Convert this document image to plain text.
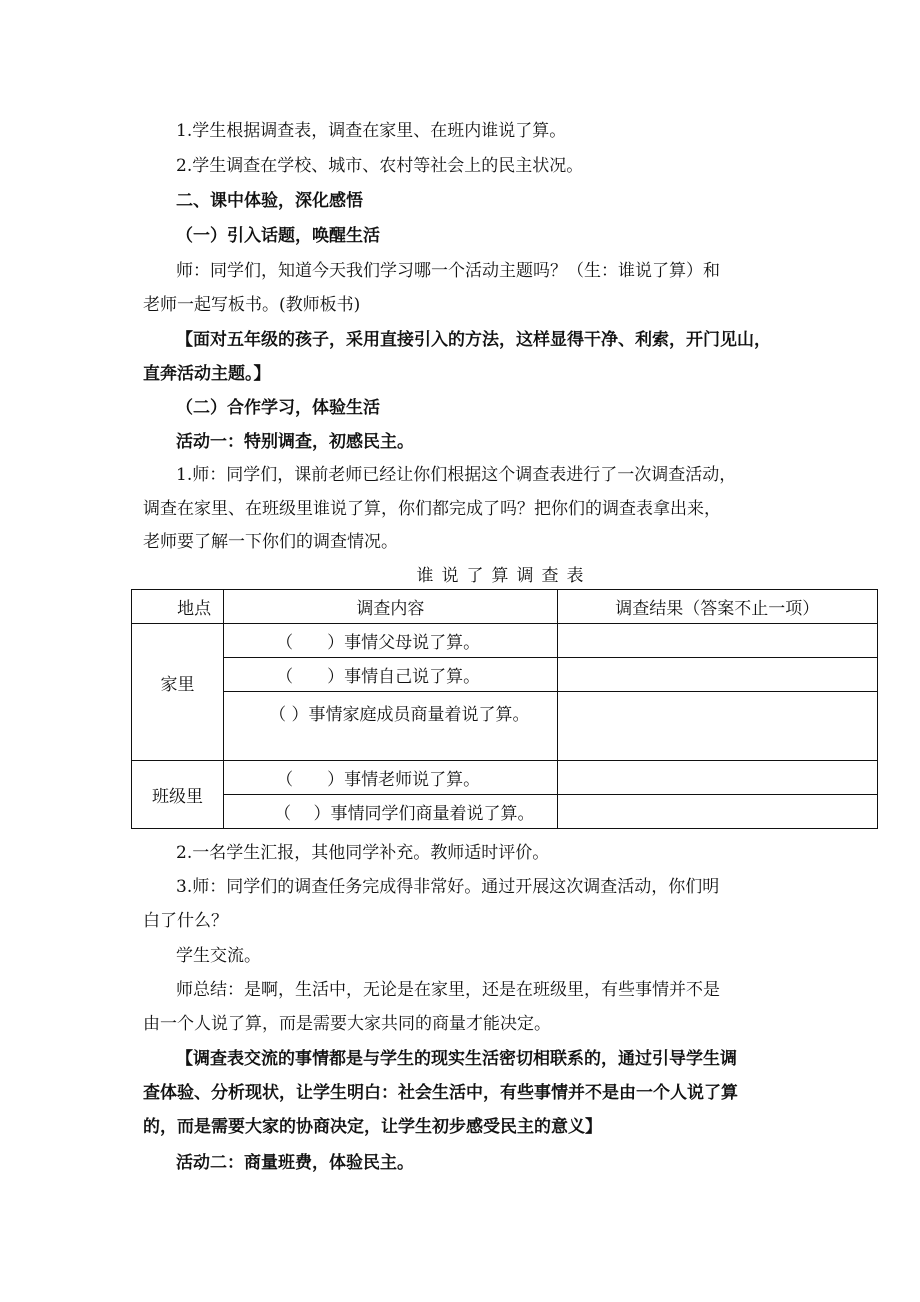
1.学生根据调查表，调查在家里、在班内谁说了算。
2.学生调查在学校、城市、农村等社会上的民主状况。
二、课中体验，深化感悟
（一）引入话题，唤醒生活
师：同学们，知道今天我们学习哪一个活动主题吗？（生：谁说了算）和
老师一起写板书。(教师板书)
【面对五年级的孩子，采用直接引入的方法，这样显得干净、利索，开门见山，
直奔活动主题。】
（二）合作学习，体验生活
活动一：特别调查，初感民主。
1.师：同学们，课前老师已经让你们根据这个调查表进行了一次调查活动，
调查在家里、在班级里谁说了算，你们都完成了吗？把你们的调查表拿出来，
老师要了解一下你们的调查情况。
谁说了算调查表
地点	调查内容	调查结果（答案不止一项）
家里	（　　）事情父母说了算。	
	（　　）事情自己说了算。	

	（ ）事情家庭成员商量着说了算。	

班级里	（　　）事情老师说了算。	
	（　 ）事情同学们商量着说了算。	
2.一名学生汇报，其他同学补充。教师适时评价。
3.师：同学们的调查任务完成得非常好。通过开展这次调查活动，你们明
白了什么？
学生交流。
师总结：是啊，生活中，无论是在家里，还是在班级里，有些事情并不是
由一个人说了算，而是需要大家共同的商量才能决定。
【调查表交流的事情都是与学生的现实生活密切相联系的，通过引导学生调
查体验、分析现状，让学生明白：社会生活中，有些事情并不是由一个人说了算
的，而是需要大家的协商决定，让学生初步感受民主的意义】
活动二：商量班费，体验民主。
